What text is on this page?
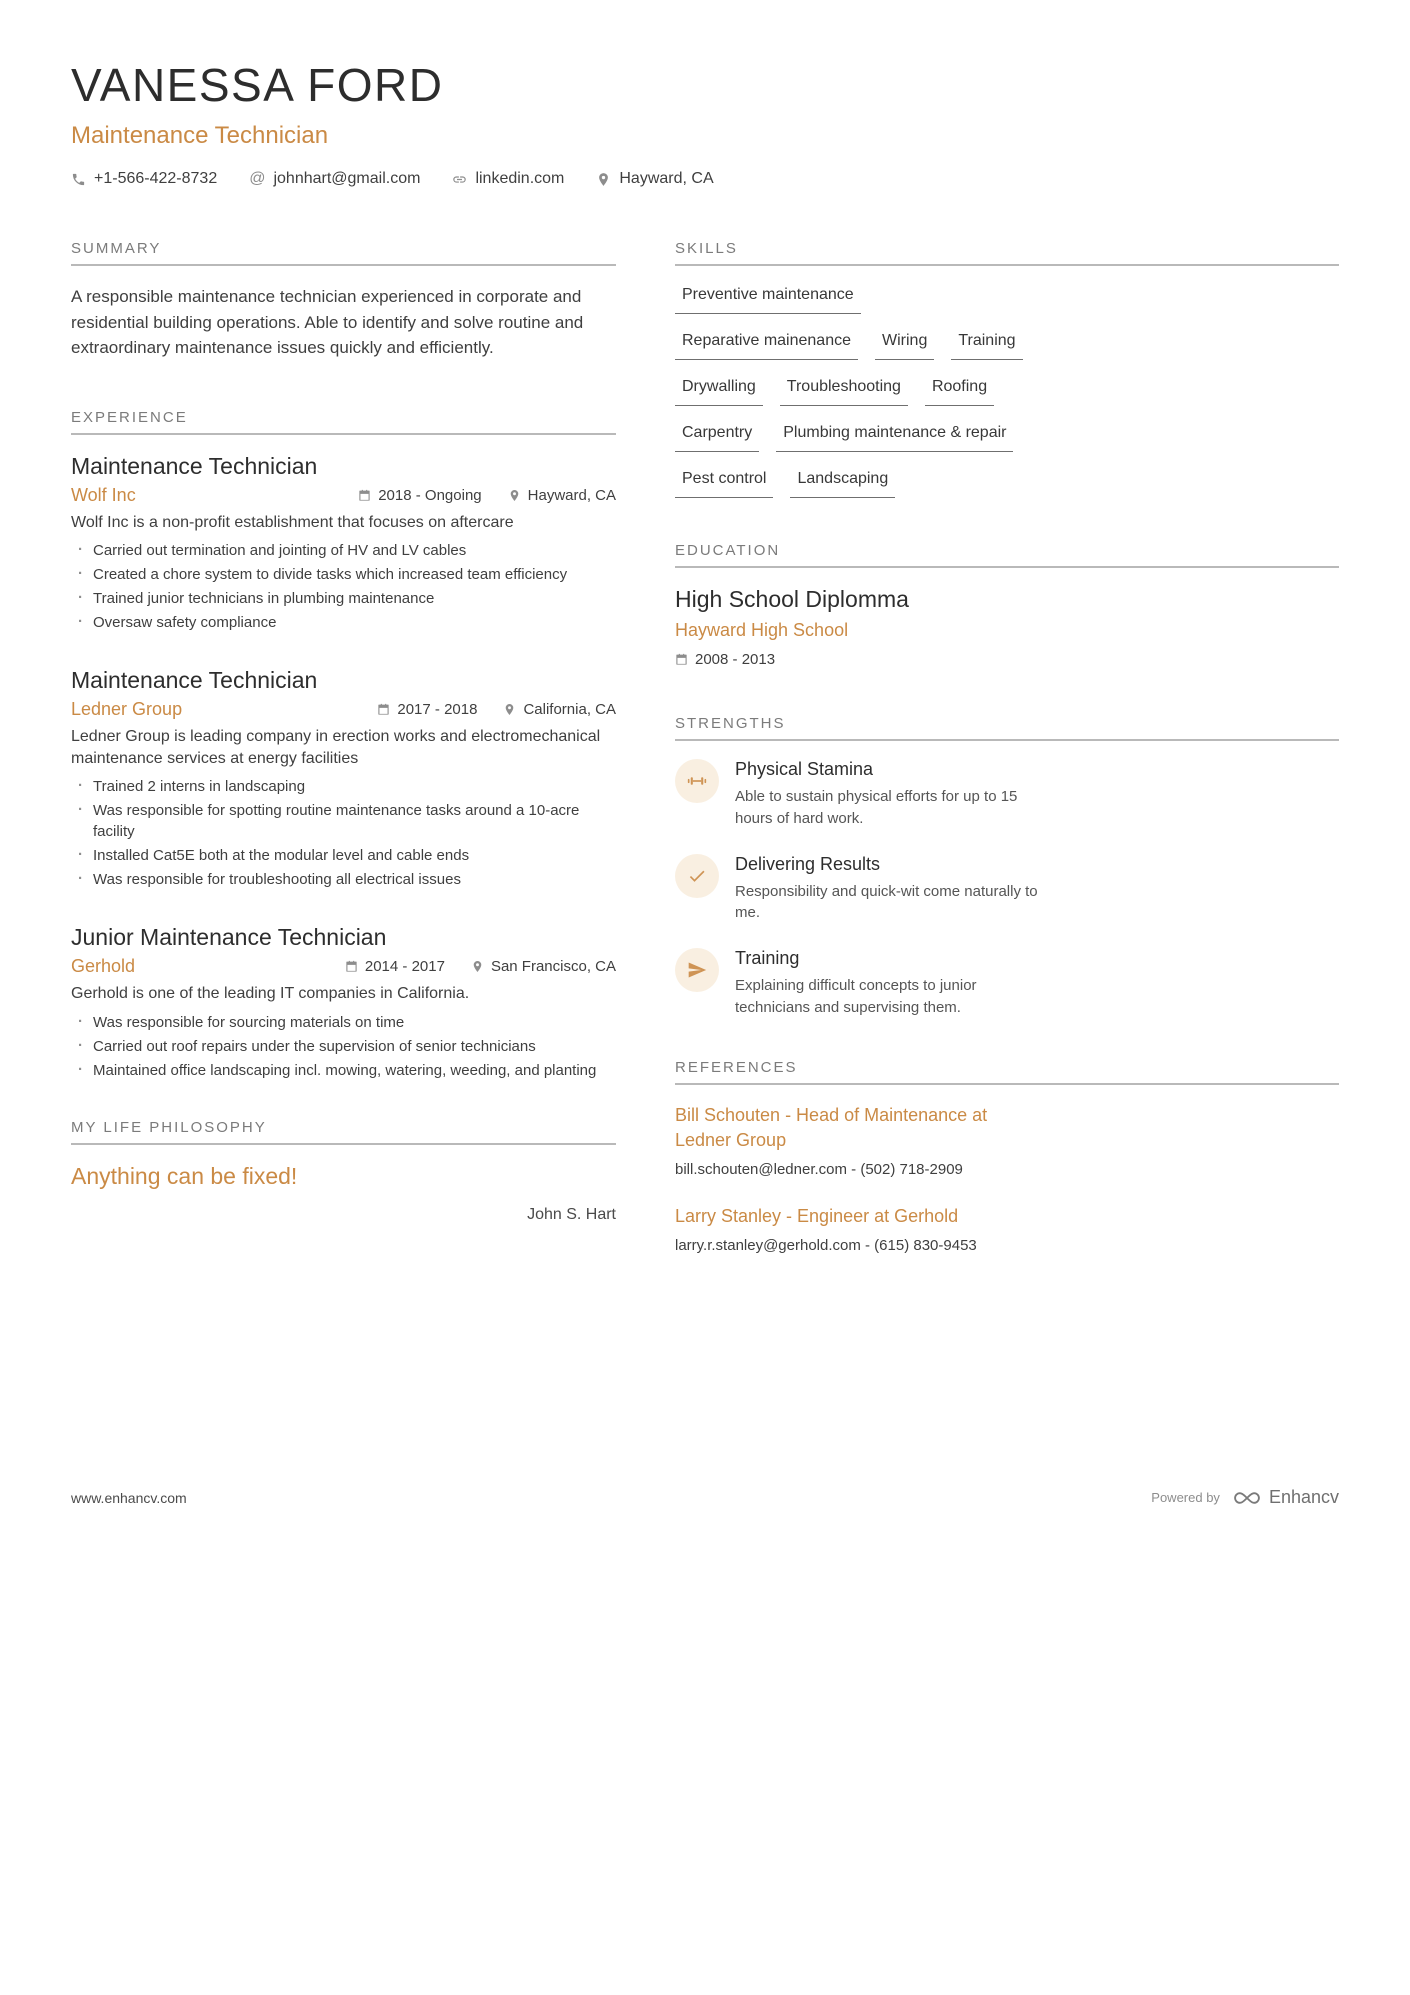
VANESSA FORD
Maintenance Technician
+1-566-422-8732 @ johnhart@gmail.com	linkedin.com	Hayward, CA
SUMMARY

A responsible maintenance technician experienced in corporate and residential building operations. Able to identify and solve routine and extraordinary maintenance issues quickly and efficiently.

EXPERIENCE
Maintenance Technician
Wolf Inc	2018 - Ongoing	Hayward, CA

Wolf Inc is a non-profit establishment that focuses on aftercare

· Carried out termination and jointing of HV and LV cables
· Created a chore system to divide tasks which increased team efficiency
· Trained junior technicians in plumbing maintenance
· Oversaw safety compliance
Maintenance Technician
Ledner Group	2017 - 2018	California, CA

Ledner Group is leading company in erection works and electromechanical maintenance services at energy facilities

· Trained 2 interns in landscaping
· Was responsible for spotting routine maintenance tasks around a 10-acre facility
· Installed Cat5E both at the modular level and cable ends
· Was responsible for troubleshooting all electrical issues
Junior Maintenance Technician
Gerhold	2014 - 2017	San Francisco, CA

Gerhold is one of the leading IT companies in California.

· Was responsible for sourcing materials on time
· Carried out roof repairs under the supervision of senior technicians
· Maintained office landscaping incl. mowing, watering, weeding, and planting
MY LIFE PHILOSOPHY
Anything can be fixed!
John S. Hart
SKILLS
Preventive maintenance
Reparative mainenance	Wiring	Training
Drywalling	Troubleshooting	Roofing
Carpentry	Plumbing maintenance & repair
Pest control	Landscaping
EDUCATION
High School Diplomma
Hayward High School
2008 - 2013
STRENGTHS
Physical Stamina
Able to sustain physical efforts for up to 15 hours of hard work.
Delivering Results
Responsibility and quick-wit come naturally to me.
Training
Explaining difficult concepts to junior technicians and supervising them.
REFERENCES
Bill Schouten - Head of Maintenance at Ledner Group
bill.schouten@ledner.com - (502) 718-2909
Larry Stanley - Engineer at Gerhold
larry.r.stanley@gerhold.com - (615) 830-9453
www.enhancv.com	Powered by	Enhancv
